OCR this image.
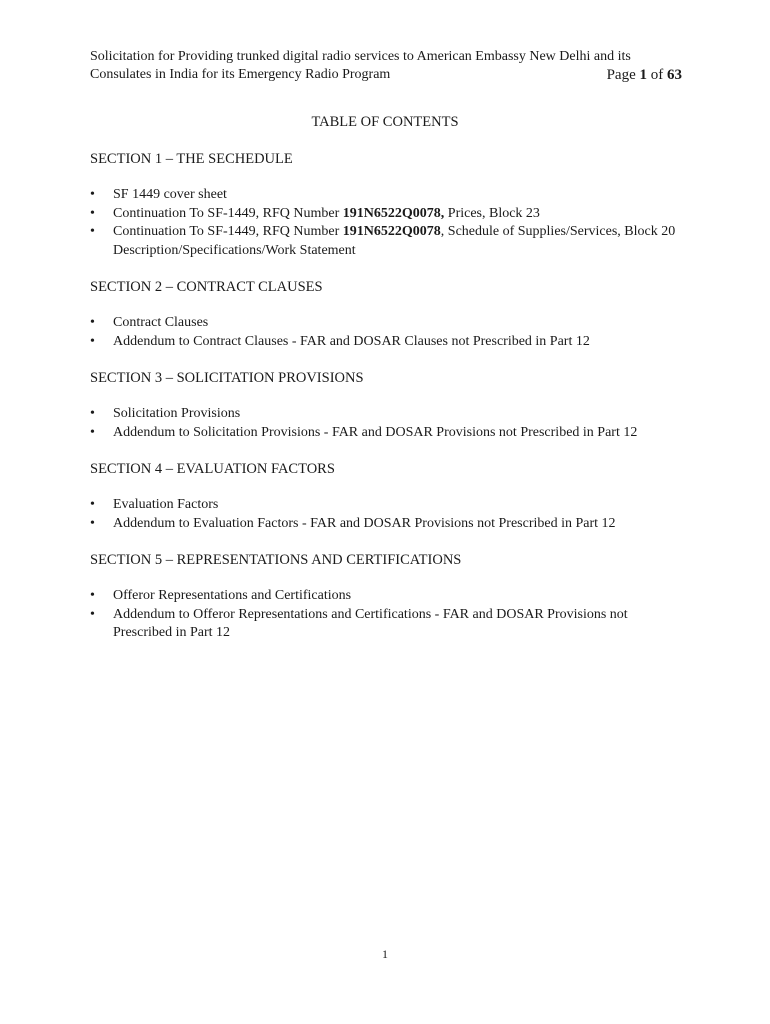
Solicitation for Providing trunked digital radio services to American Embassy New Delhi and its
Consulates in India for its Emergency Radio Program	Page 1 of 63
TABLE OF CONTENTS
SECTION 1 – THE SECHEDULE
•	SF 1449 cover sheet
•	Continuation To SF-1449, RFQ Number 191N6522Q0078, Prices, Block 23
•	Continuation To SF-1449, RFQ Number 191N6522Q0078, Schedule of Supplies/Services, Block 20 Description/Specifications/Work Statement
SECTION 2 – CONTRACT CLAUSES
•	Contract Clauses
•	Addendum to Contract Clauses - FAR and DOSAR Clauses not Prescribed in Part 12
SECTION 3 – SOLICITATION PROVISIONS
•	Solicitation Provisions
•	Addendum to Solicitation Provisions - FAR and DOSAR Provisions not Prescribed in Part 12
SECTION 4 – EVALUATION FACTORS
•	Evaluation Factors
•	Addendum to Evaluation Factors - FAR and DOSAR Provisions not Prescribed in Part 12
SECTION 5 – REPRESENTATIONS AND CERTIFICATIONS
•	Offeror Representations and Certifications
•	Addendum to Offeror Representations and Certifications - FAR and DOSAR Provisions not Prescribed in Part 12
1
